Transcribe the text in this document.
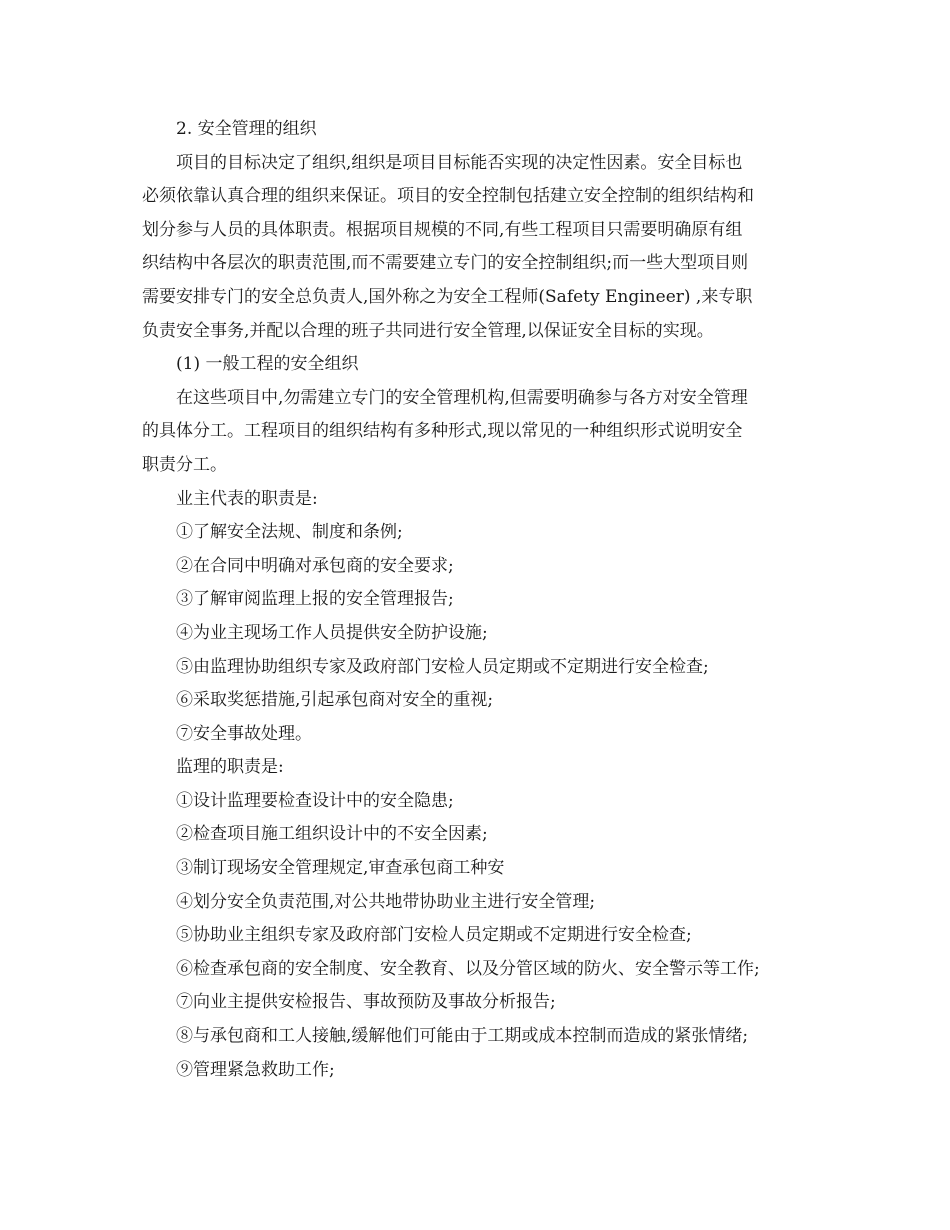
2. 安全管理的组织
项目的目标决定了组织,组织是项目目标能否实现的决定性因素。安全目标也
必须依靠认真合理的组织来保证。项目的安全控制包括建立安全控制的组织结构和
划分参与人员的具体职责。根据项目规模的不同,有些工程项目只需要明确原有组
织结构中各层次的职责范围,而不需要建立专门的安全控制组织;而一些大型项目则
需要安排专门的安全总负责人,国外称之为安全工程师(Safety Engineer) ,来专职
负责安全事务,并配以合理的班子共同进行安全管理,以保证安全目标的实现。
(1) 一般工程的安全组织
在这些项目中,勿需建立专门的安全管理机构,但需要明确参与各方对安全管理
的具体分工。工程项目的组织结构有多种形式,现以常见的一种组织形式说明安全
职责分工。
业主代表的职责是:
①了解安全法规、制度和条例;
②在合同中明确对承包商的安全要求;
③了解审阅监理上报的安全管理报告;
④为业主现场工作人员提供安全防护设施;
⑤由监理协助组织专家及政府部门安检人员定期或不定期进行安全检查;
⑥采取奖惩措施,引起承包商对安全的重视;
⑦安全事故处理。
监理的职责是:
①设计监理要检查设计中的安全隐患;
②检查项目施工组织设计中的不安全因素;
③制订现场安全管理规定,审查承包商工种安
④划分安全负责范围,对公共地带协助业主进行安全管理;
⑤协助业主组织专家及政府部门安检人员定期或不定期进行安全检查;
⑥检查承包商的安全制度、安全教育、以及分管区域的防火、安全警示等工作;
⑦向业主提供安检报告、事故预防及事故分析报告;
⑧与承包商和工人接触,缓解他们可能由于工期或成本控制而造成的紧张情绪;
⑨管理紧急救助工作;
